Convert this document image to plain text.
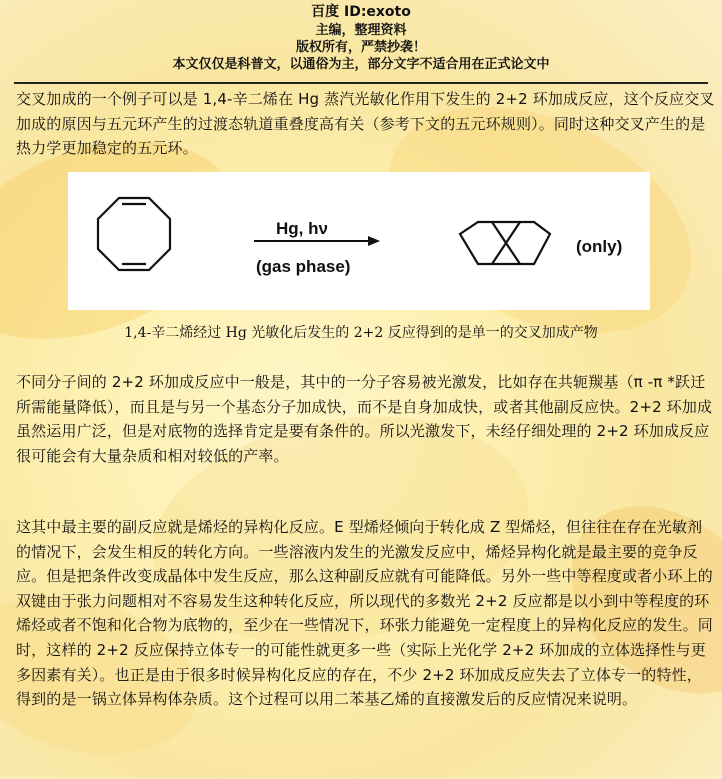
百度 ID:exoto
主编，整理资料
版权所有，严禁抄袭！
本文仅仅是科普文，以通俗为主，部分文字不适合用在正式论文中
交叉加成的一个例子可以是 1,4-辛二烯在 Hg 蒸汽光敏化作用下发生的 2+2 环加成反应，这个反应交叉加成的原因与五元环产生的过渡态轨道重叠度高有关（参考下文的五元环规则）。同时这种交叉产生的是热力学更加稳定的五元环。
Hg, hν
(gas phase)
(only)
1,4-辛二烯经过 Hg 光敏化后发生的 2+2 反应得到的是单一的交叉加成产物
不同分子间的 2+2 环加成反应中一般是，其中的一分子容易被光激发，比如存在共轭羰基（π -π *跃迁所需能量降低），而且是与另一个基态分子加成快，而不是自身加成快，或者其他副反应快。2+2 环加成虽然运用广泛，但是对底物的选择肯定是要有条件的。所以光激发下，未经仔细处理的 2+2 环加成反应很可能会有大量杂质和相对较低的产率。
这其中最主要的副反应就是烯烃的异构化反应。E 型烯烃倾向于转化成 Z 型烯烃，但往往在存在光敏剂的情况下，会发生相反的转化方向。一些溶液内发生的光激发反应中，烯烃异构化就是最主要的竞争反应。但是把条件改变成晶体中发生反应，那么这种副反应就有可能降低。另外一些中等程度或者小环上的双键由于张力问题相对不容易发生这种转化反应，所以现代的多数光 2+2 反应都是以小到中等程度的环烯烃或者不饱和化合物为底物的，至少在一些情况下，环张力能避免一定程度上的异构化反应的发生。同时，这样的 2+2 反应保持立体专一的可能性就更多一些（实际上光化学 2+2 环加成的立体选择性与更多因素有关）。也正是由于很多时候异构化反应的存在，不少 2+2 环加成反应失去了立体专一的特性，得到的是一锅立体异构体杂质。这个过程可以用二苯基乙烯的直接激发后的反应情况来说明。
